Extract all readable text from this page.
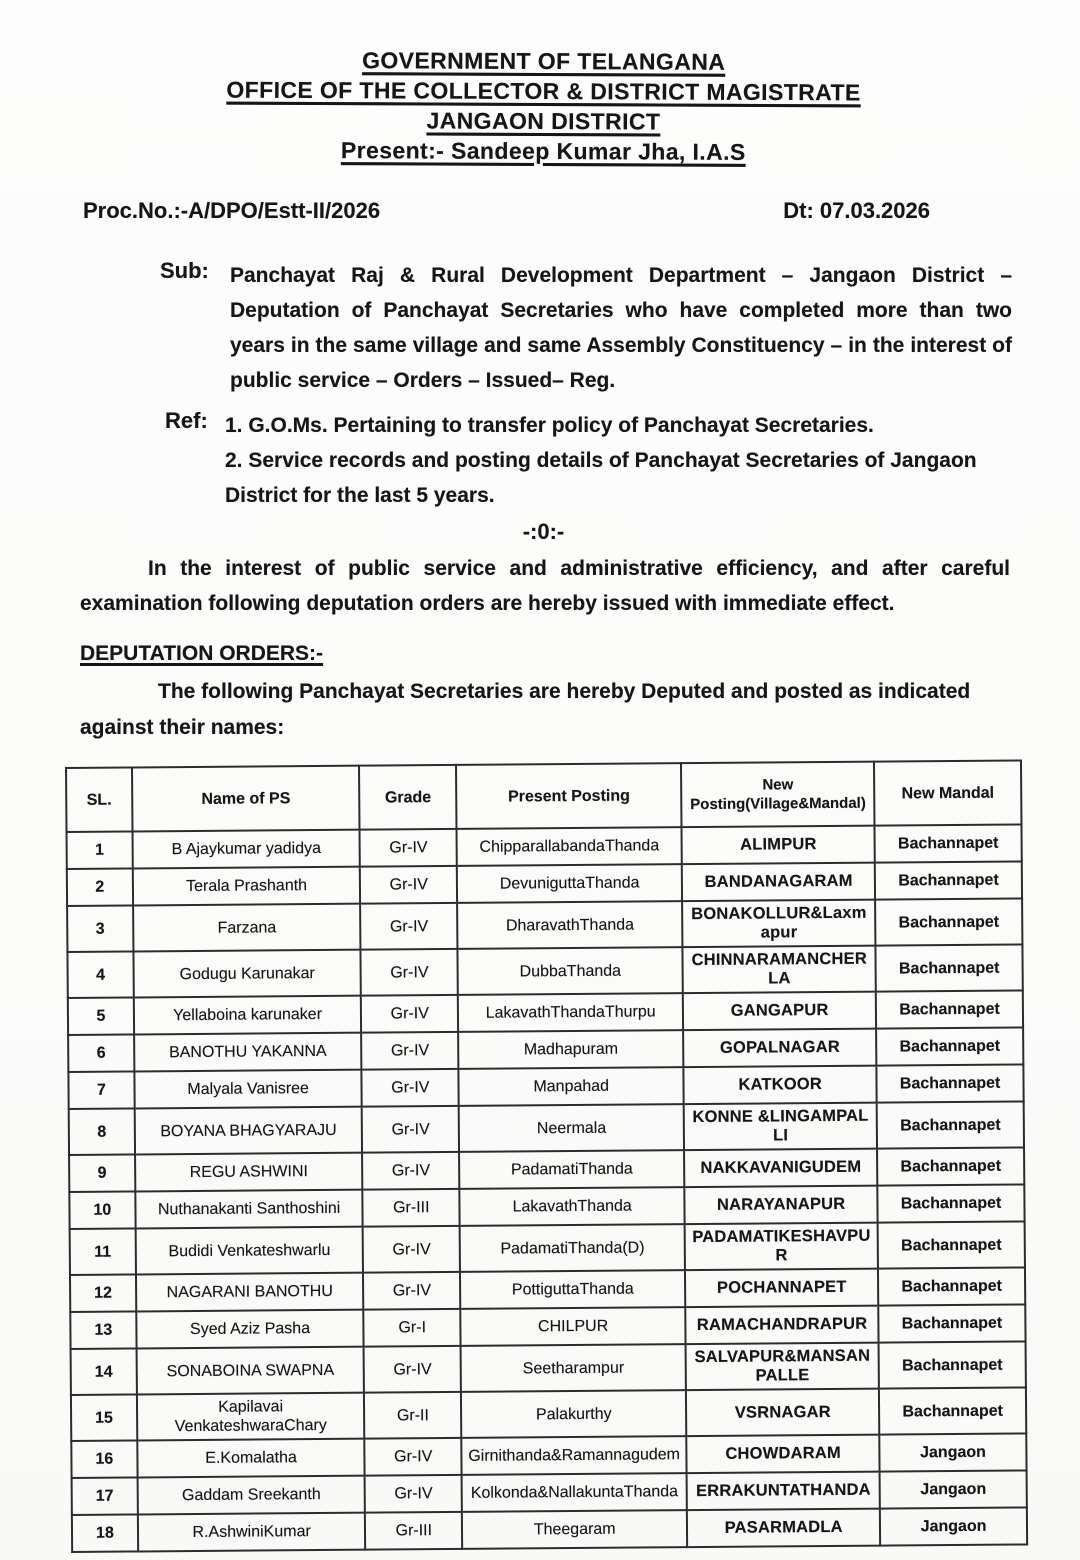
GOVERNMENT OF TELANGANA
OFFICE OF THE COLLECTOR & DISTRICT MAGISTRATE
JANGAON DISTRICT
Present:- Sandeep Kumar Jha, I.A.S
Proc.No.:-A/DPO/Estt-II/2026	Dt: 07.03.2026
Sub:	Panchayat Raj & Rural Development Department – Jangaon District – Deputation of Panchayat Secretaries who have completed more than two years in the same village and same Assembly Constituency – in the interest of public service – Orders – Issued– Reg.
Ref: 1. G.O.Ms. Pertaining to transfer policy of Panchayat Secretaries.

2. Service records and posting details of Panchayat Secretaries of Jangaon District for the last 5 years.

-:0:-

In the interest of public service and administrative efficiency, and after careful examination following deputation orders are hereby issued with immediate effect.

DEPUTATION ORDERS:-

The following Panchayat Secretaries are hereby Deputed and posted as indicated against their names:

SL.	Name of PS	Grade	Present Posting	New Posting(Village&Mandal)	New Mandal
1	B Ajaykumar yadidya	Gr-IV	ChipparallabandaThanda	ALIMPUR	Bachannapet
2	Terala Prashanth	Gr-IV	DevuniguttaThanda	BANDANAGARAM	Bachannapet
3	Farzana	Gr-IV	DharavathThanda	BONAKOLLUR&Laxmapur	Bachannapet
4	Godugu Karunakar	Gr-IV	DubbaThanda	CHINNARAMANCHERLA	Bachannapet
5	Yellaboina karunaker	Gr-IV	LakavathThandaThurpu	GANGAPUR	Bachannapet
6	BANOTHU YAKANNA	Gr-IV	Madhapuram	GOPALNAGAR	Bachannapet
7	Malyala Vanisree	Gr-IV	Manpahad	KATKOOR	Bachannapet
8	BOYANA BHAGYARAJU	Gr-IV	Neermala	KONNE &LINGAMPALLI	Bachannapet
9	REGU ASHWINI	Gr-IV	PadamatiThanda	NAKKAVANIGUDEM	Bachannapet
10	Nuthanakanti Santhoshini	Gr-III	LakavathThanda	NARAYANAPUR	Bachannapet
11	Budidi Venkateshwarlu	Gr-IV	PadamatiThanda(D)	PADAMATIKESHAVPUR	Bachannapet
12	NAGARANI BANOTHU	Gr-IV	PottiguttaThanda	POCHANNAPET	Bachannapet
13	Syed Aziz Pasha	Gr-I	CHILPUR	RAMACHANDRAPUR	Bachannapet
14	SONABOINA SWAPNA	Gr-IV	Seetharampur	SALVAPUR&MANSANPALLE	Bachannapet
15	Kapilavai VenkateshwaraChary	Gr-II	Palakurthy	VSRNAGAR	Bachannapet
16	E.Komalatha	Gr-IV	Girnithanda&Ramannagudem	CHOWDARAM	Jangaon
17	Gaddam Sreekanth	Gr-IV	Kolkonda&NallakuntaThanda	ERRAKUNTATHANDA	Jangaon
18	R.AshwiniKumar	Gr-III	Theegaram	PASARMADLA	Jangaon
